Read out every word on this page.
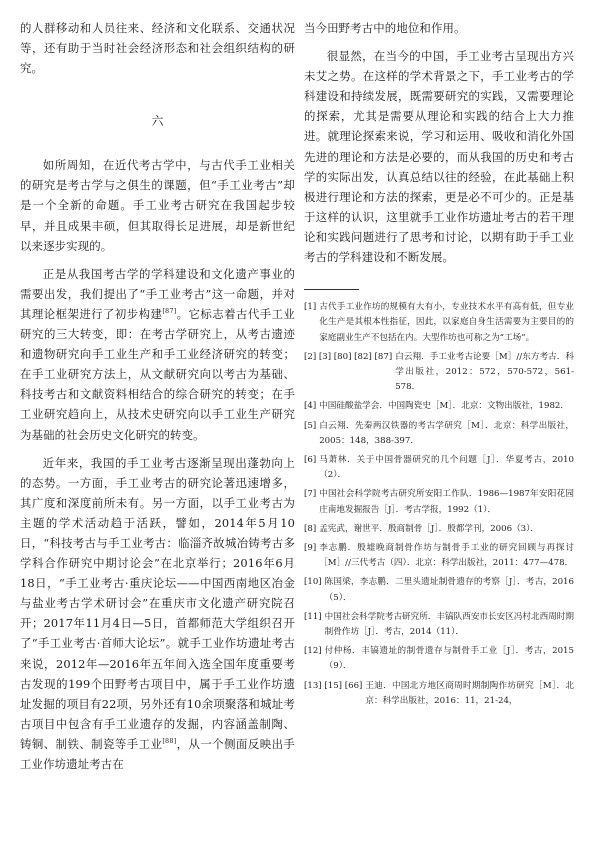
的人群移动和人员往来、经济和文化联系、交通状况等，还有助于当时社会经济形态和社会组织结构的研究。

六

如所周知，在近代考古学中，与古代手工业相关的研究是考古学与之俱生的课题，但“手工业考古”却是一个全新的命题。手工业考古研究在我国起步较早，并且成果丰硕，但其取得长足进展，却是新世纪以来逐步实现的。

正是从我国考古学的学科建设和文化遗产事业的需要出发，我们提出了“手工业考古”这一命题，并对其理论框架进行了初步构建[87]。它标志着古代手工业研究的三大转变，即：在考古学研究上，从考古遗迹和遗物研究向手工业生产和手工业经济研究的转变；在手工业研究方法上，从文献研究向以考古为基础、科技考古和文献资料相结合的综合研究的转变；在手工业研究趋向上，从技术史研究向以手工业生产研究为基础的社会历史文化研究的转变。

近年来，我国的手工业考古逐渐呈现出蓬勃向上的态势。一方面，手工业考古的研究论著迅速增多，其广度和深度前所未有。另一方面，以手工业考古为主题的学术活动趋于活跃，譬如，2014年5月10日，“科技考古与手工业考古：临淄齐故城冶铸考古多学科合作研究中期讨论会”在北京举行；2016年6月18日，“手工业考古·重庆论坛——中国西南地区冶金与盐业考古学术研讨会”在重庆市文化遗产研究院召开；2017年11月4日—5日，首都师范大学组织召开了“手工业考古·首师大论坛”。就手工业作坊遗址考古来说，2012年—2016年五年间入选全国年度重要考古发现的199个田野考古项目中，属于手工业作坊遗址发掘的项目有22项，另外还有10余项聚落和城址考古项目中包含有手工业遗存的发掘，内容涵盖制陶、铸铜、制铁、制瓷等手工业[88]，从一个侧面反映出手工业作坊遗址考古在

当今田野考古中的地位和作用。

很显然，在当今的中国，手工业考古呈现出方兴未艾之势。在这样的学术背景之下，手工业考古的学科建设和持续发展，既需要研究的实践，又需要理论的探索，尤其是需要从理论和实践的结合上大力推进。就理论探索来说，学习和运用、吸收和消化外国先进的理论和方法是必要的，而从我国的历史和考古学的实际出发，认真总结以往的经验，在此基础上积极进行理论和方法的探索，更是必不可少的。正是基于这样的认识，这里就手工业作坊遗址考古的若干理论和实践问题进行了思考和讨论，以期有助于手工业考古的学科建设和不断发展。

[1] 古代手工业作坊的规模有大有小，专业技术水平有高有低，但专业化生产是其根本性指征，因此，以家庭自身生活需要为主要目的的家庭副业生产不包括在内。大型作坊也可称之为“工场”。
[2] [3] [80] [82] [87] 白云翔．手工业考古论要［M］//东方考古．科学出版社，2012：572，570-572，561-578．
[4] 中国硅酸盐学会．中国陶瓷史［M］．北京：文物出版社，1982．
[5] 白云翔．先秦两汉铁器的考古学研究［M］．北京：科学出版社，2005：148，388-397．
[6] 马萧林．关于中国骨器研究的几个问题［J］．华夏考古，2010（2）．
[7] 中国社会科学院考古研究所安阳工作队．1986—1987年安阳花园庄南地发掘报告［J］．考古学报，1992（1）．
[8] 孟宪武，谢世平．殷商制骨［J］．殷都学刊，2006（3）．
[9] 李志鹏．殷墟晚商制骨作坊与制骨手工业的研究回顾与再探讨［M］//三代考古（四）．北京：科学出版社，2011：477—478．
[10] 陈国梁，李志鹏．二里头遗址制骨遗存的考察［J］．考古，2016（5）．
[11] 中国社会科学院考古研究所．丰镐队西安市长安区冯村北西周时期制骨作坊［J］．考古，2014（11）．
[12] 付仲杨．丰镐遗址的制骨遗存与制骨手工业［J］．考古，2015（9）．
[13] [15] [66] 王迪．中国北方地区商周时期制陶作坊研究［M］．北京：科学出版社，2016：11，21-24，
